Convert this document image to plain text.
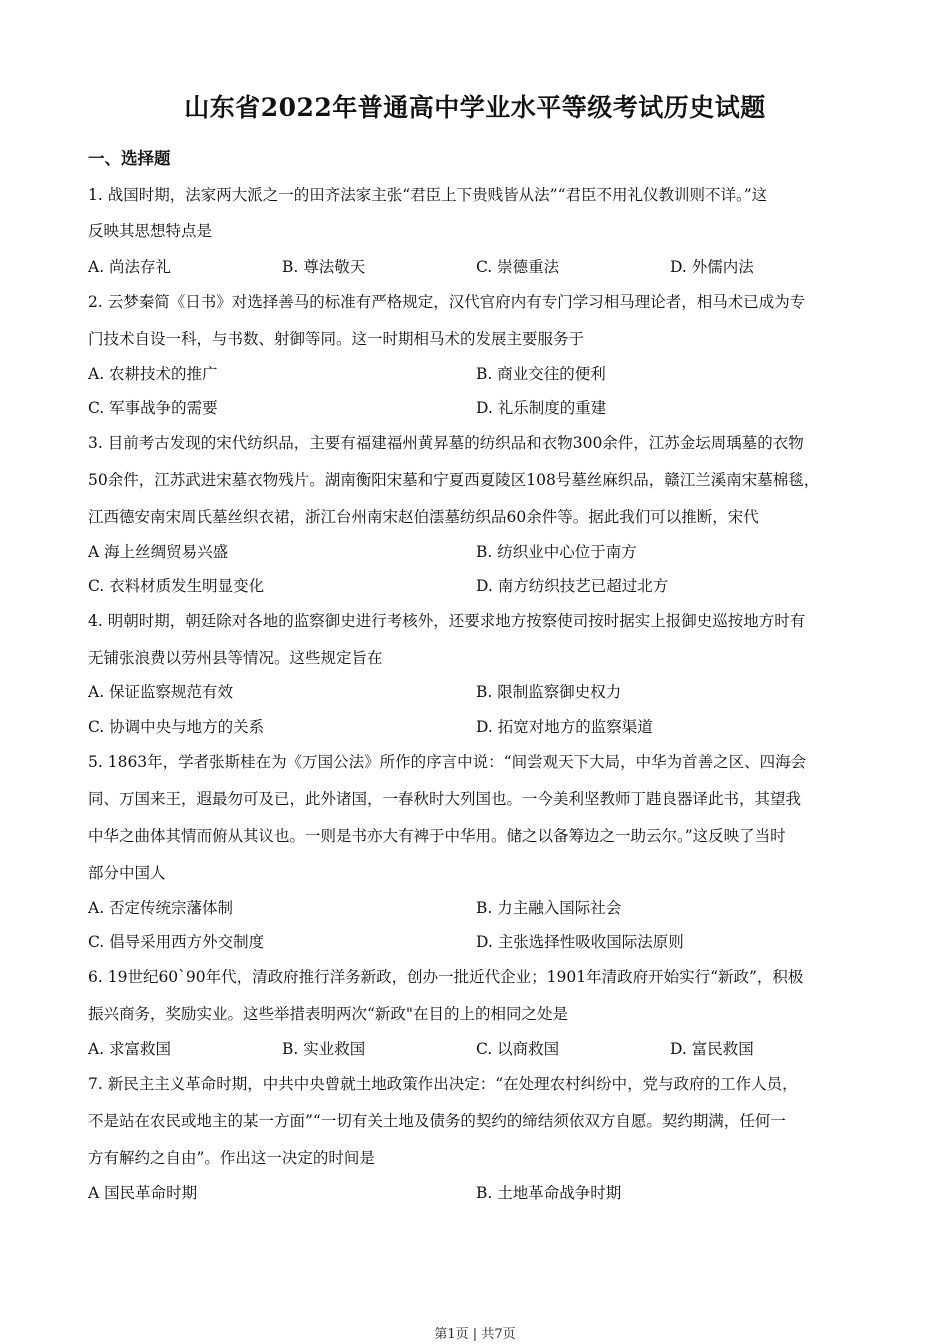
山东省2022年普通高中学业水平等级考试历史试题
一、选择题
1. 战国时期，法家两大派之一的田齐法家主张“君臣上下贵贱皆从法”“君臣不用礼仪教训则不详。”这
反映其思想特点是
A. 尚法存礼	B. 尊法敬天	C. 崇德重法	D. 外儒内法
2. 云梦秦简《日书》对选择善马的标准有严格规定，汉代官府内有专门学习相马理论者，相马术已成为专
门技术自设一科，与书数、射御等同。这一时期相马术的发展主要服务于
A. 农耕技术的推广	B. 商业交往的便利
C. 军事战争的需要	D. 礼乐制度的重建
3. 目前考古发现的宋代纺织品，主要有福建福州黄昇墓的纺织品和衣物300余件，江苏金坛周瑀墓的衣物
50余件，江苏武进宋墓衣物残片。湖南衡阳宋墓和宁夏西夏陵区108号墓丝麻织品，赣江兰溪南宋墓棉毯，
江西德安南宋周氏墓丝织衣裙，浙江台州南宋赵伯澐墓纺织品60余件等。据此我们可以推断，宋代
A 海上丝绸贸易兴盛	B. 纺织业中心位于南方
C. 衣料材质发生明显变化	D. 南方纺织技艺已超过北方
4. 明朝时期，朝廷除对各地的监察御史进行考核外，还要求地方按察使司按时据实上报御史巡按地方时有
无铺张浪费以劳州县等情况。这些规定旨在
A. 保证监察规范有效	B. 限制监察御史权力
C. 协调中央与地方的关系	D. 拓宽对地方的监察渠道
5. 1863年，学者张斯桂在为《万国公法》所作的序言中说：“间尝观天下大局，中华为首善之区、四海会
同、万国来王，遐最勿可及已，此外诸国，一春秋时大列国也。一今美利坚教师丁韪良器译此书，其望我
中华之曲体其情而俯从其议也。一则是书亦大有裨于中华用。储之以备筹边之一助云尔。”这反映了当时
部分中国人
A. 否定传统宗藩体制	B. 力主融入国际社会
C. 倡导采用西方外交制度	D. 主张选择性吸收国际法原则
6. 19世纪60`90年代，清政府推行洋务新政，创办一批近代企业；1901年清政府开始实行“新政”，积极
振兴商务，奖励实业。这些举措表明两次“新政"在目的上的相同之处是
A. 求富救国	B. 实业救国	C. 以商救国	D. 富民救国
7. 新民主主义革命时期，中共中央曾就土地政策作出决定：“在处理农村纠纷中，党与政府的工作人员，
不是站在农民或地主的某一方面”“一切有关土地及债务的契约的缔结须依双方自愿。契约期满，任何一
方有解约之自由”。作出这一决定的时间是
A 国民革命时期	B. 土地革命战争时期
第1页 | 共7页
